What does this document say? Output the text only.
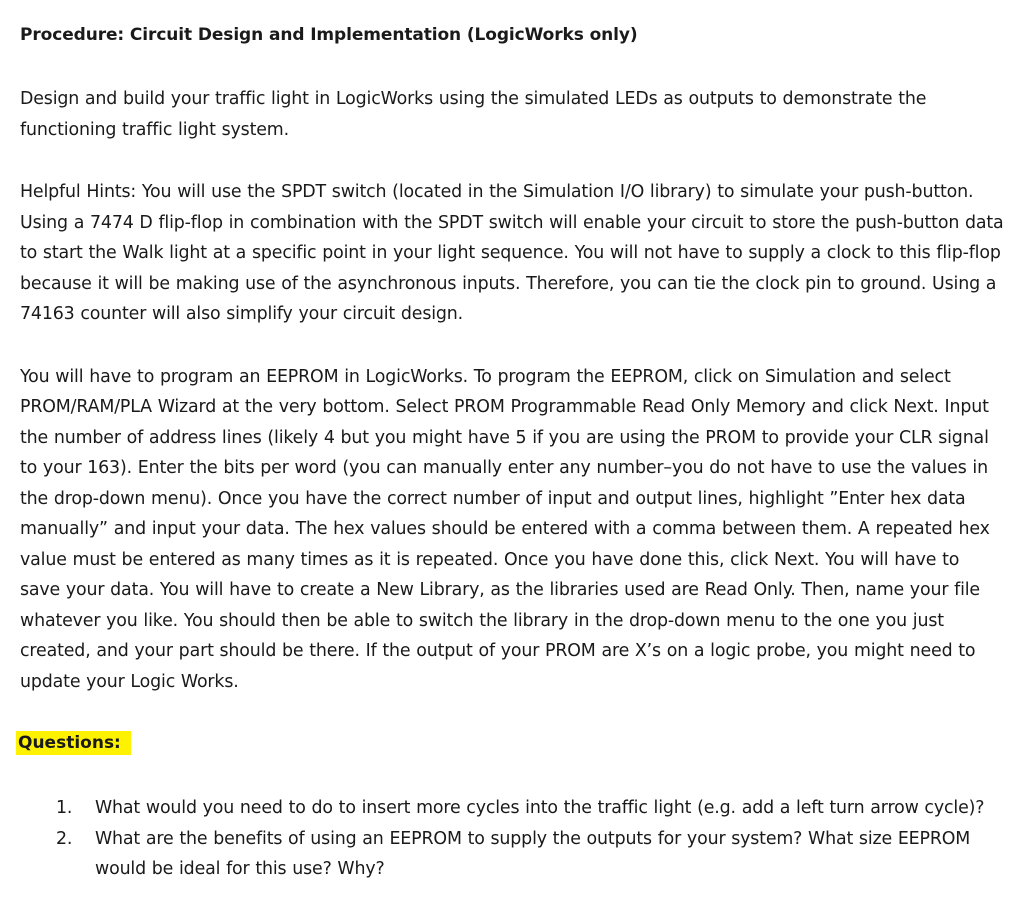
Procedure: Circuit Design and Implementation (LogicWorks only)

Design and build your traffic light in LogicWorks using the simulated LEDs as outputs to demonstrate the functioning traffic light system.

Helpful Hints: You will use the SPDT switch (located in the Simulation I/O library) to simulate your push-button. Using a 7474 D flip-flop in combination with the SPDT switch will enable your circuit to store the push-button data to start the Walk light at a specific point in your light sequence. You will not have to supply a clock to this flip-flop because it will be making use of the asynchronous inputs. Therefore, you can tie the clock pin to ground. Using a 74163 counter will also simplify your circuit design.

You will have to program an EEPROM in LogicWorks. To program the EEPROM, click on Simulation and select PROM/RAM/PLA Wizard at the very bottom. Select PROM Programmable Read Only Memory and click Next. Input the number of address lines (likely 4 but you might have 5 if you are using the PROM to provide your CLR signal to your 163). Enter the bits per word (you can manually enter any number–you do not have to use the values in the drop-down menu). Once you have the correct number of input and output lines, highlight ”Enter hex data manually” and input your data. The hex values should be entered with a comma between them. A repeated hex value must be entered as many times as it is repeated. Once you have done this, click Next. You will have to save your data. You will have to create a New Library, as the libraries used are Read Only. Then, name your file whatever you like. You should then be able to switch the library in the drop-down menu to the one you just created, and your part should be there. If the output of your PROM are X’s on a logic probe, you might need to update your Logic Works.

Questions:
1. What would you need to do to insert more cycles into the traffic light (e.g. add a left turn arrow cycle)?
2. What are the benefits of using an EEPROM to supply the outputs for your system? What size EEPROM would be ideal for this use? Why?
